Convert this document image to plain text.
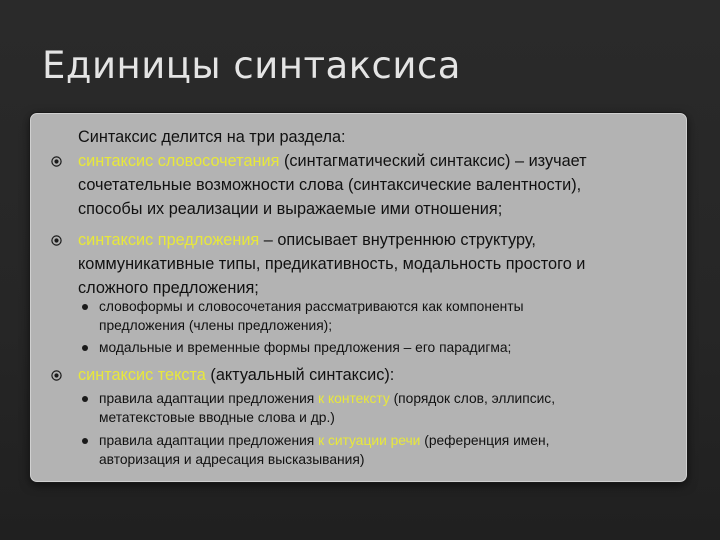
Единицы синтаксиса
Синтаксис делится на три раздела:
синтаксис словосочетания (синтагматический синтаксис) – изучает
сочетательные возможности слова (синтаксические валентности),
способы их реализации и выражаемые ими отношения;
синтаксис предложения – описывает внутреннюю структуру,
коммуникативные типы, предикативность, модальность простого и
сложного предложения;
словоформы и словосочетания рассматриваются как компоненты
предложения (члены предложения);
модальные и временные формы предложения – его парадигма;
синтаксис текста (актуальный синтаксис):
правила адаптации предложения к контексту (порядок слов, эллипсис,
метатекстовые вводные слова и др.)
правила адаптации предложения к ситуации речи (референция имен,
авторизация и адресация высказывания)
